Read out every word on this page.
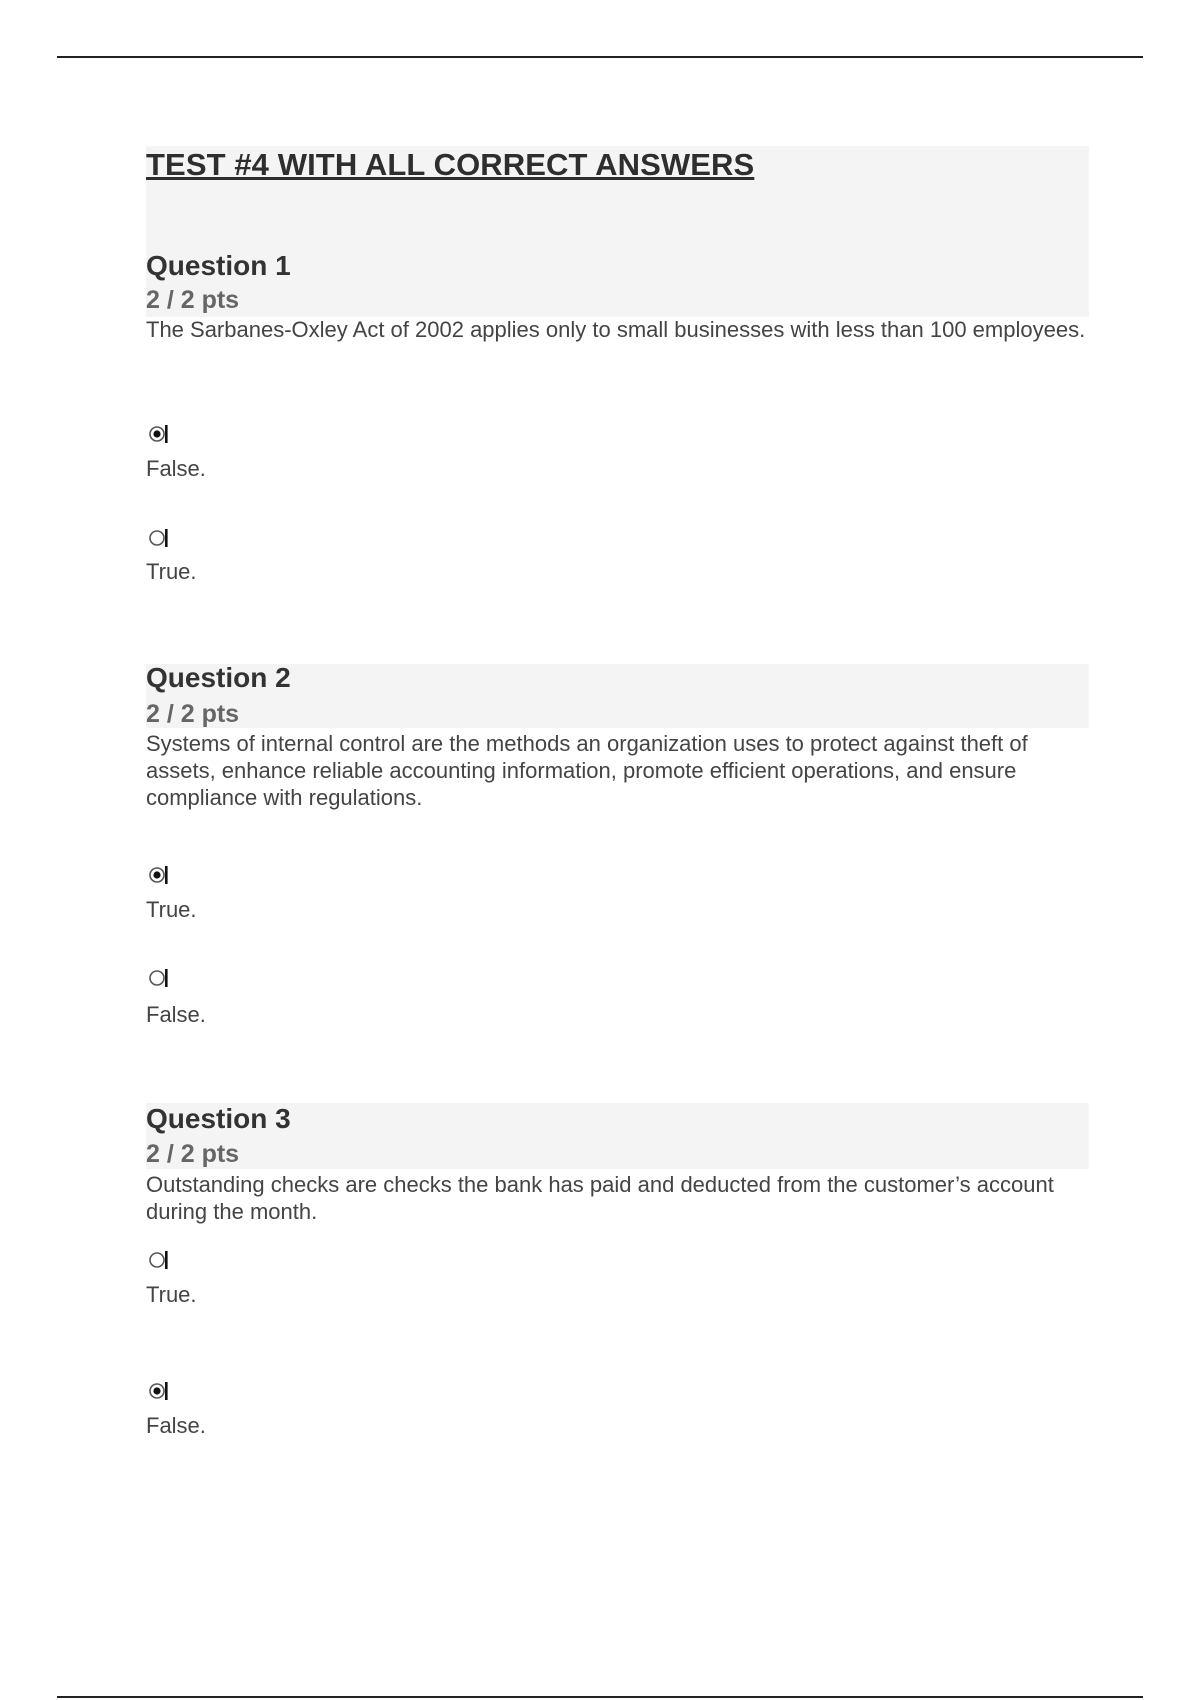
TEST #4 WITH ALL CORRECT ANSWERS
Question 1
2 / 2 pts
The Sarbanes-Oxley Act of 2002 applies only to small businesses with less than 100 employees.
False.
True.
Question 2
2 / 2 pts
Systems of internal control are the methods an organization uses to protect against theft of assets, enhance reliable accounting information, promote efficient operations, and ensure compliance with regulations.
True.
False.
Question 3
2 / 2 pts
Outstanding checks are checks the bank has paid and deducted from the customer’s account during the month.
True.
False.
